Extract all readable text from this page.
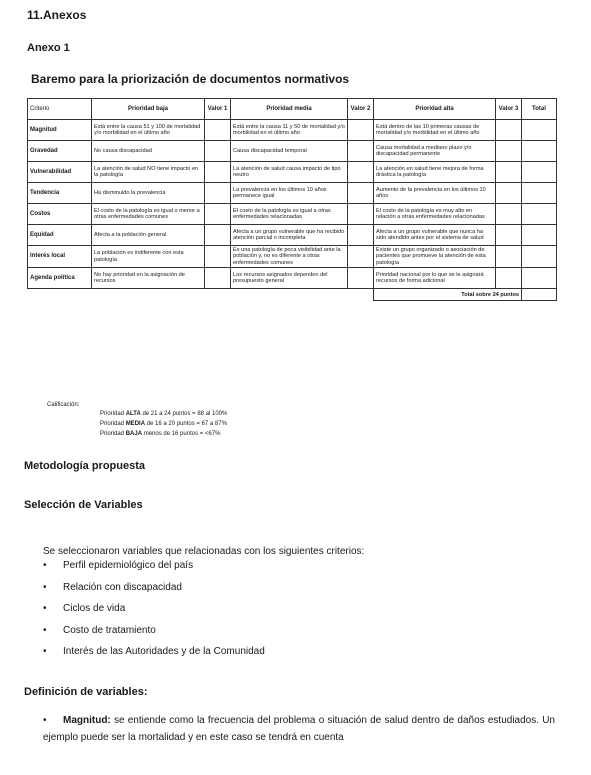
11.Anexos
Anexo 1
Baremo para la priorización de documentos normativos
Criterio	Prioridad baja	Valor 1	Prioridad media	Valor 2	Prioridad alta	Valor 3	Total
Magnitud	Está entre la causa 51 y 100 de mortalidad y/o morbilidad en el último año		Está entre la causa 11 y 50 de mortalidad y/o morbilidad en el último año		Está dentro de las 10 primeras causas de mortalidad y/o morbilidad en el último año		
Gravedad	No causa discapacidad		Causa discapacidad temporal		Causa mortalidad a mediano plazo y/o discapacidad permanente		
Vulnerabilidad	La atención de salud NO tiene impacto en la patología		La atención de salud causa impacto de tipo neutro		La atención en salud tiene mejora de forma drástica la patología		
Tendencia	Ha disminuido la prevalencia		La prevalencia en los últimos 10 años permanece igual		Aumento de la prevalencia en los últimos 10 años		
Costos	El costo de la patología es igual o menor a otras enfermedades comunes		El costo de la patología es igual a otras enfermedades relacionadas		El costo de la patología es muy alto en relación a otras enfermedades relacionadas		
Equidad	Afecta a la población general		Afecta a un grupo vulnerable que ha recibido atención parcial o incompleta		Afecta a un grupo vulnerable que nunca ha sido atendido antes por el sistema de salud		
Interés local	La población es indiferente con esta patología		Es una patología de poca visibilidad ante la población y, no es diferente a otras enfermedades comunes		Existe un grupo organizado o asociación de pacientes que promueve la atención de esta patología		
Agenda política	No hay prioridad en la asignación de recursos		Los recursos asignados dependen del presupuesto general		Prioridad nacional por lo que se le asignará recursos de forma adicional		
					Total sobre 24 puntos		
Calificación:
Prioridad ALTA de 21 a 24 puntos = 88 al 100%
Prioridad MEDIA de 16 a 20 puntos = 67 a 87%
Prioridad BAJA menos de 16 puntos = <67%
Metodología propuesta
Selección de Variables
Se seleccionaron variables que relacionadas con los siguientes criterios:
• Perfil epidemiológico del país
• Relación con discapacidad
• Ciclos de vida
• Costo de tratamiento
• Interés de las Autoridades y de la Comunidad
Definición de variables:
• Magnitud: se entiende como la frecuencia del problema o situación de salud dentro de daños estudiados. Un ejemplo puede ser la mortalidad y en este caso se tendrá en cuenta
